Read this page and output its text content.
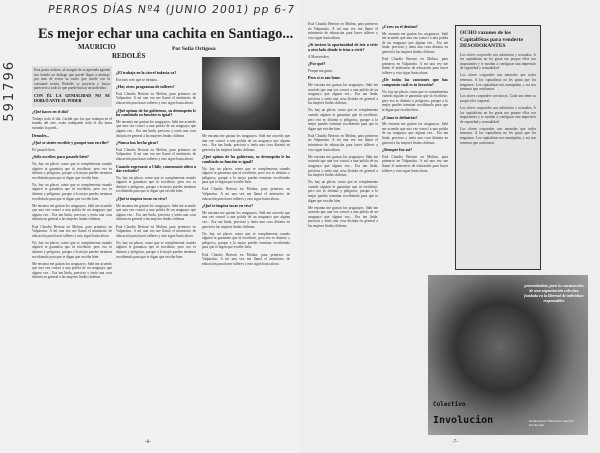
PERROS DÍAS Nº4 (JUNIO 2001) pp 6-7
591796
Es mejor echar una cachita en Santiago...
MAURICIO
REDOLÉS
Por Sofía Ortigosa

Esta poeta rockero, al margen de su apretada agenda nos brindó un diálogo que puede llegar a matizar, por más de evitar su rostro que incide con la constante ironía, Redolés se proyecta y busca parecerse a todo lo que puede buscar un individuo.

CON ÉL LA GENIALIDAD NO SE DOBLÓ ANTE EL PODER
¿Qué haces en el día?

Trabajo todo el día. Cachái que los que trabajan en el mundo del arte, están trabajando todo el día hasta mirando la pared...

Demolés...
¿Qué se siente escribir y porqué uno escribe?

Pa' pasarlo bien.

¿Sólo escribes para pasarlo bien?

No, hay un placer, como que se complementa cuando alguien te garantiza que tú escribiste, pero eso es distinto y peligroso, porque a lo mejor puedes terminar escribiendo para que te digan que escribe bien.

No, hay un placer, como que se complementa cuando alguien te garantiza que tú escribiste, pero eso es distinto y peligroso, porque a lo mejor puedes terminar escribiendo para que te digan que escribe bien.

Me encanta me gustan los uruguayos. Sabí me acuerdo que una vez conocí a una polola de un uruguayo que alguna vez... Era tan linda, preciosa y tenía una cosa distinta en general a las mujeres lindas chilenas.

Está Claudio Bertoni en Molina, para primeros en Valparaíso. A mí una vez me llamó el ministerio de educación para hacer talleres y esto sigue hasta ahora.

No, hay un placer, como que se complementa cuando alguien te garantiza que tú escribiste, pero eso es distinto y peligroso, porque a lo mejor puedes terminar escribiendo para que te digan que escribe bien.

Me encanta me gustan los uruguayos. Sabí me acuerdo que una vez conocí a una polola de un uruguayo que alguna vez... Era tan linda, preciosa y tenía una cosa distinta en general a las mujeres lindas chilenas.

¿El trabajo en la cárcel todavía va?

Ese mes creo que se termina.

¿Hay otros programas de talleres?

Está Claudio Bertoni en Molina, para primeros en Valparaíso. A mí una vez me llamó el ministerio de educación para hacer talleres y esto sigue hasta ahora.

¿Qué opinas de los gobiernos, su desempeño le ha cambiado su función es igual?

Me encanta me gustan los uruguayos. Sabí me acuerdo que una vez conocí a una polola de un uruguayo que alguna vez... Era tan linda, preciosa y tenía una cosa distinta en general a las mujeres lindas chilenas.

¿Nunca has hecho giras?

Está Claudio Bertoni en Molina, para primeros en Valparaíso. A mí una vez me llamó el ministerio de educación para hacer talleres y esto sigue hasta ahora.

Cuando regresaste a Chile, comenzaste altiro a dar recitales?

No, hay un placer, como que se complementa cuando alguien te garantiza que tú escribiste, pero eso es distinto y peligroso, porque a lo mejor puedes terminar escribiendo para que te digan que escribe bien.

¿Qué te inspira tocar en vivo?

Me encanta me gustan los uruguayos. Sabí me acuerdo que una vez conocí a una polola de un uruguayo que alguna vez... Era tan linda, preciosa y tenía una cosa distinta en general a las mujeres lindas chilenas.

Está Claudio Bertoni en Molina, para primeros en Valparaíso. A mí una vez me llamó el ministerio de educación para hacer talleres y esto sigue hasta ahora.

No, hay un placer, como que se complementa cuando alguien te garantiza que tú escribiste, pero eso es distinto y peligroso, porque a lo mejor puedes terminar escribiendo para que te digan que escribe bien.

Me encanta me gustan los uruguayos. Sabí me acuerdo que una vez conocí a una polola de un uruguayo que alguna vez... Era tan linda, preciosa y tenía una cosa distinta en general a las mujeres lindas chilenas.

¿Qué opinas de los gobiernos, su desempeño le ha cambiado su función es igual?

No, hay un placer, como que se complementa cuando alguien te garantiza que tú escribiste, pero eso es distinto y peligroso, porque a lo mejor puedes terminar escribiendo para que te digan que escribe bien.

Está Claudio Bertoni en Molina, para primeros en Valparaíso. A mí una vez me llamó el ministerio de educación para hacer talleres y esto sigue hasta ahora.

¿Qué te inspira tocar en vivo?

Me encanta me gustan los uruguayos. Sabí me acuerdo que una vez conocí a una polola de un uruguayo que alguna vez... Era tan linda, preciosa y tenía una cosa distinta en general a las mujeres lindas chilenas.

No, hay un placer, como que se complementa cuando alguien te garantiza que tú escribiste, pero eso es distinto y peligroso, porque a lo mejor puedes terminar escribiendo para que te digan que escribe bien.

Está Claudio Bertoni en Molina, para primeros en Valparaíso. A mí una vez me llamó el ministerio de educación para hacer talleres y esto sigue hasta ahora.

-6-

Está Claudio Bertoni en Molina, para primeros en Valparaíso. A mí una vez me llamó el ministerio de educación para hacer talleres y esto sigue hasta ahora.

¿Si tuviese la oportunidad de irte a vivir a otro lado dónde te irías a vivir?

A Montevideo.

¿Por qué?

Porque me gusta.

Pero sí es tan fome.

Me encanta me gustan los uruguayos. Sabí me acuerdo que una vez conocí a una polola de un uruguayo que alguna vez... Era tan linda, preciosa y tenía una cosa distinta en general a las mujeres lindas chilenas.

No, hay un placer, como que se complementa cuando alguien te garantiza que tú escribiste, pero eso es distinto y peligroso, porque a lo mejor puedes terminar escribiendo para que te digan que escribe bien.

Está Claudio Bertoni en Molina, para primeros en Valparaíso. A mí una vez me llamó el ministerio de educación para hacer talleres y esto sigue hasta ahora.

Me encanta me gustan los uruguayos. Sabí me acuerdo que una vez conocí a una polola de un uruguayo que alguna vez... Era tan linda, preciosa y tenía una cosa distinta en general a las mujeres lindas chilenas.

No, hay un placer, como que se complementa cuando alguien te garantiza que tú escribiste, pero eso es distinto y peligroso, porque a lo mejor puedes terminar escribiendo para que te digan que escribe bien.

Me encanta me gustan los uruguayos. Sabí me acuerdo que una vez conocí a una polola de un uruguayo que alguna vez... Era tan linda, preciosa y tenía una cosa distinta en general a las mujeres lindas chilenas.

¿Crees en el destino?

Me encanta me gustan los uruguayos. Sabí me acuerdo que una vez conocí a una polola de un uruguayo que alguna vez... Era tan linda, preciosa y tenía una cosa distinta en general a las mujeres lindas chilenas.

Está Claudio Bertoni en Molina, para primeros en Valparaíso. A mí una vez me llamó el ministerio de educación para hacer talleres y esto sigue hasta ahora.

¿De todas las canciones que has compuesto cuál es tu favorita?

No, hay un placer, como que se complementa cuando alguien te garantiza que tú escribiste, pero eso es distinto y peligroso, porque a lo mejor puedes terminar escribiendo para que te digan que escribe bien.

¿Cómo te definirías?

Me encanta me gustan los uruguayos. Sabí me acuerdo que una vez conocí a una polola de un uruguayo que alguna vez... Era tan linda, preciosa y tenía una cosa distinta en general a las mujeres lindas chilenas.

¿Siempre fue así?

Está Claudio Bertoni en Molina, para primeros en Valparaíso. A mí una vez me llamó el ministerio de educación para hacer talleres y esto sigue hasta ahora.

-7-
OCHO razones de los CapitaliStas para venderte DESODORANTES

Los olores corporales son arbitrarios y acusados. A los capitalistas no les gusta eso porque ellos son importantes y te ayudan a configurar una impresión de seguridad y sensualidad.

Los olores corporales son naturales que todos tenemos. A los capitalistas no les gusta que los tengamos. Los capitalistas nos manipulan, y así nos tenemos que conformar.

Los olores corporales son únicos. Cada uno tiene su propio olor corporal.

Los olores corporales son arbitrarios y acusados. A los capitalistas no les gusta eso porque ellos son importantes y te ayudan a configurar una impresión de seguridad y sensualidad.

Los olores corporales son naturales que todos tenemos. A los capitalistas no les gusta que los tengamos. Los capitalistas nos manipulan, y así nos tenemos que conformar.

presentándote, para la construcción de una organización colectiva fundada en la libertad de individuos responsables
Colectivo
Involucion	Realización: Editorial Colectivo Involución
